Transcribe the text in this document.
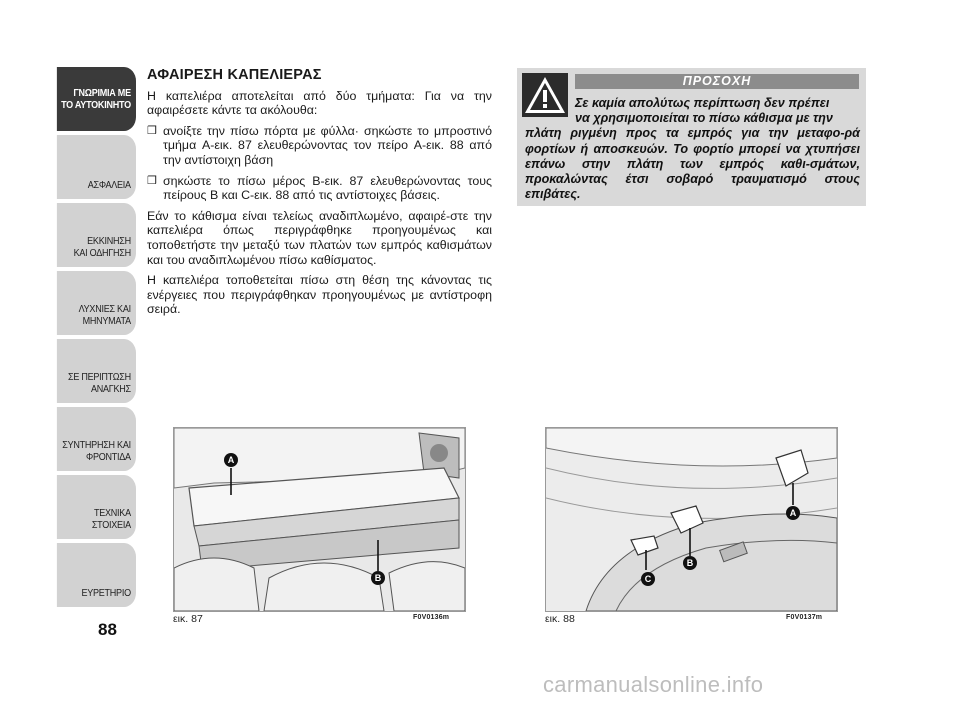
ΓΝΩΡΙΜΙΑ ΜΕ
ΤΟ ΑΥΤΟΚΙΝΗΤΟ
ΑΣΦΑΛΕΙΑ
ΕΚΚΙΝΗΣΗ
ΚΑΙ ΟΔΗΓΗΣΗ
ΛΥΧΝΙΕΣ ΚΑΙ
ΜΗΝΥΜΑΤΑ
ΣΕ ΠΕΡΙΠΤΩΣΗ
ΑΝΑΓΚΗΣ
ΣΥΝΤΗΡΗΣΗ ΚΑΙ
ΦΡΟΝΤΙΔΑ
ΤΕΧΝΙΚΑ
ΣΤΟΙΧΕΙΑ
ΕΥΡΕΤΗΡΙΟ
88
ΑΦΑΙΡΕΣΗ ΚΑΠΕΛΙΕΡΑΣ

Η καπελιέρα αποτελείται από δύο τμήματα: Για να την αφαιρέσετε κάντε τα ακόλουθα:

❒ ανοίξτε την πίσω πόρτα με φύλλα· σηκώστε το μπροστινό τμήμα A-εικ. 87 ελευθερώνοντας τον πείρο A-εικ. 88 από την αντίστοιχη βάση
❒ σηκώστε το πίσω μέρος B-εικ. 87 ελευθερώνοντας τους πείρους B και C-εικ. 88 από τις αντίστοιχες βάσεις.

Εάν το κάθισμα είναι τελείως αναδιπλωμένο, αφαιρέ-στε την καπελιέρα όπως περιγράφθηκε προηγουμένως και τοποθετήστε την μεταξύ των πλατών των εμπρός καθισμάτων και του αναδιπλωμένου πίσω καθίσματος.

Η καπελιέρα τοποθετείται πίσω στη θέση της κάνοντας τις ενέργειες που περιγράφθηκαν προηγουμένως με αντίστροφη σειρά.

ΠΡΟΣΟΧΗ
Σε καμία απολύτως περίπτωση δεν πρέπει
να χρησιμοποιείται το πίσω κάθισμα με την
πλάτη ριγμένη προς τα εμπρός για την μεταφο-ρά φορτίων ή αποσκευών. Το φορτίο μπορεί να χτυπήσει επάνω στην πλάτη των εμπρός καθι-σμάτων, προκαλώντας έτσι σοβαρό τραυματισμό στους επιβάτες.
A
B
εικ. 87	F0V0136m
A
B
C
εικ. 88	F0V0137m
carmanualsonline.info
